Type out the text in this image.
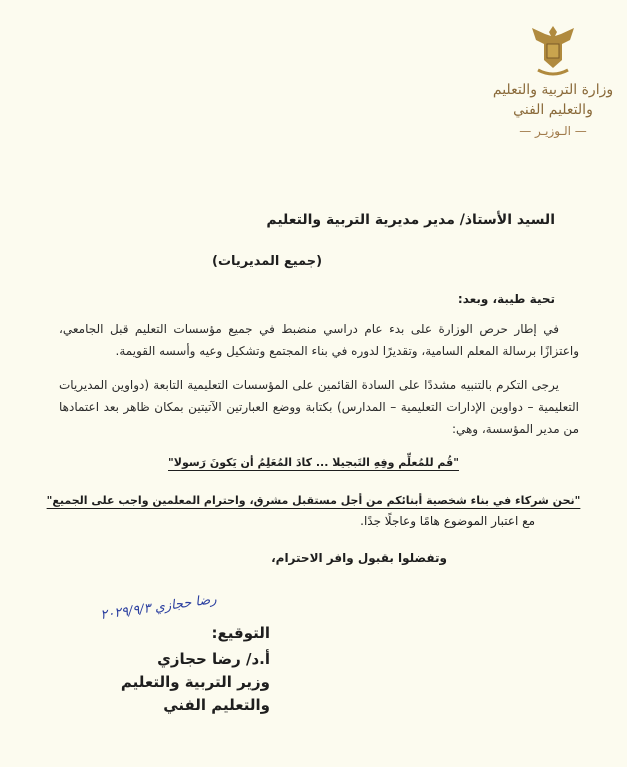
وزارة التربية والتعليم
والتعليم الفني
— الـوزيـر —
السيد الأستاذ/ مدير مديرية التربية والتعليم
(جميع المديريات)
تحية طيبة، وبعد:
في إطار حرص الوزارة على بدء عام دراسي منضبط في جميع مؤسسات التعليم قبل الجامعي، واعتزازًا برسالة المعلم السامية، وتقديرًا لدوره في بناء المجتمع وتشكيل وعيه وأسسه القويمة.
يرجى التكرم بالتنبيه مشددًا على السادة القائمين على المؤسسات التعليمية التابعة (دواوين المديريات التعليمية – دواوين الإدارات التعليمية – المدارس) بكتابة ووضع العبارتين الآتيتين بمكان ظاهر بعد اعتمادها من مدير المؤسسة، وهي:
"قُم للمُعلِّم وفِهِ التَبجيلا ... كادَ المُعَلِمُ أن يَكونَ رَسولا"
"نحن شركاء في بناء شخصية أبنائكم من أجل مستقبل مشرق، واحترام المعلمين واجب على الجميع"
مع اعتبار الموضوع هامًا وعاجلًا جدًا.
وتفضلوا بقبول وافر الاحترام،
رضا حجازي ٢٠٢٩/٩/٣
التوقيع:
أ.د/ رضا حجازي
وزير التربية والتعليم
والتعليم الفني
